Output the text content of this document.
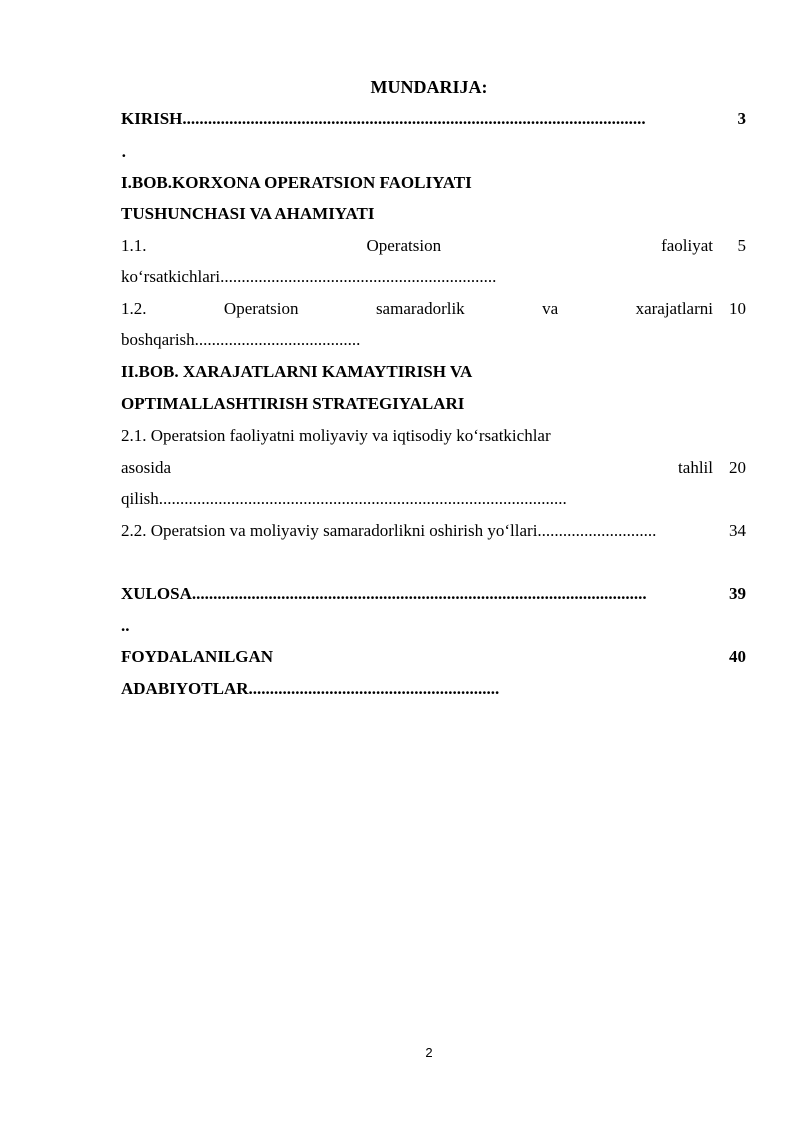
MUNDARIJA:
KIRISH.............................................................................................................	3
·
I.BOB.KORXONA OPERATSION FAOLIYATI
TUSHUNCHASI VA AHAMIYATI
1.1.	Operatsion	faoliyat	5
ko‘rsatkichlari.................................................................
1.2.	Operatsion	samaradorlik	va	xarajatlarni 10
boshqarish.......................................
II.BOB. XARAJATLARNI KAMAYTIRISH VA
OPTIMALLASHTIRISH STRATEGIYALARI
2.1. Operatsion faoliyatni moliyaviy va iqtisodiy ko‘rsatkichlar
asosida	tahlil 20
qilish................................................................................................
2.2. Operatsion va moliyaviy samaradorlikni oshirish yo‘llari............................	34
XULOSA...........................................................................................................	39
..
FOYDALANILGAN	40
ADABIYOTLAR...........................................................
2
